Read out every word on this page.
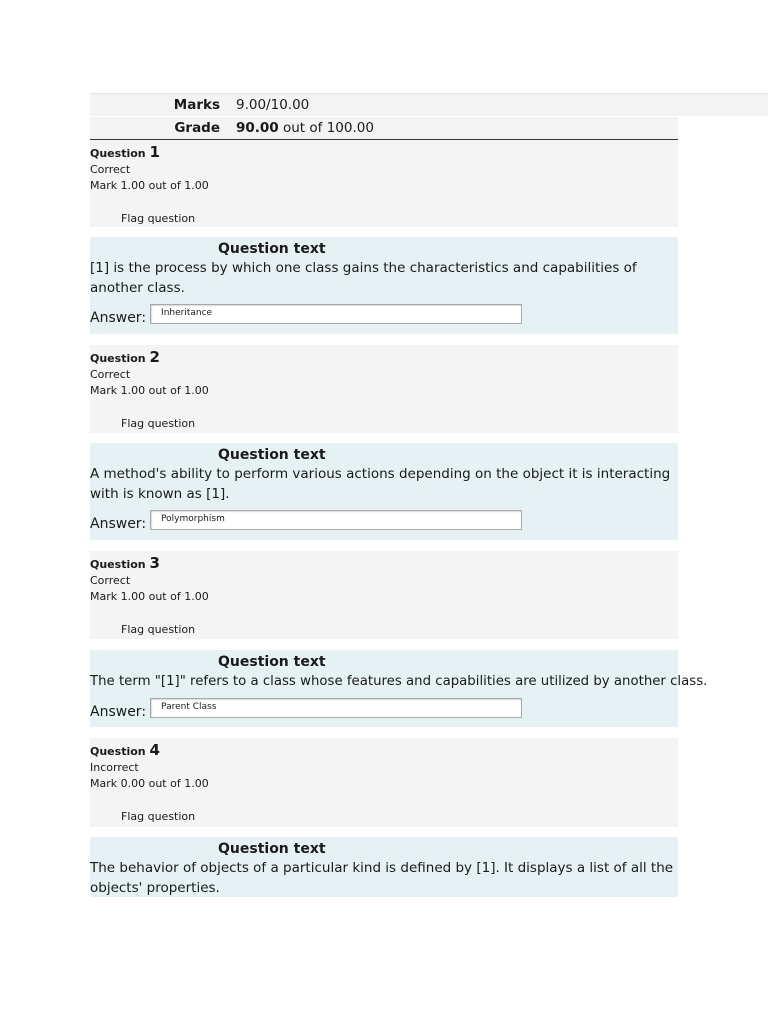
Marks	9.00/10.00
Grade	90.00 out of 100.00
Question 1
Correct
Mark 1.00 out of 1.00
Flag question
Question text
[1] is the process by which one class gains the characteristics and capabilities of another class.
Answer:	Inheritance
Question 2
Correct
Mark 1.00 out of 1.00
Flag question
Question text
A method's ability to perform various actions depending on the object it is interacting with is known as [1].
Answer:	Polymorphism
Question 3
Correct
Mark 1.00 out of 1.00
Flag question
Question text
The term "[1]" refers to a class whose features and capabilities are utilized by another class.
Answer:	Parent Class
Question 4
Incorrect
Mark 0.00 out of 1.00
Flag question
Question text
The behavior of objects of a particular kind is defined by [1]. It displays a list of all the objects' properties.
